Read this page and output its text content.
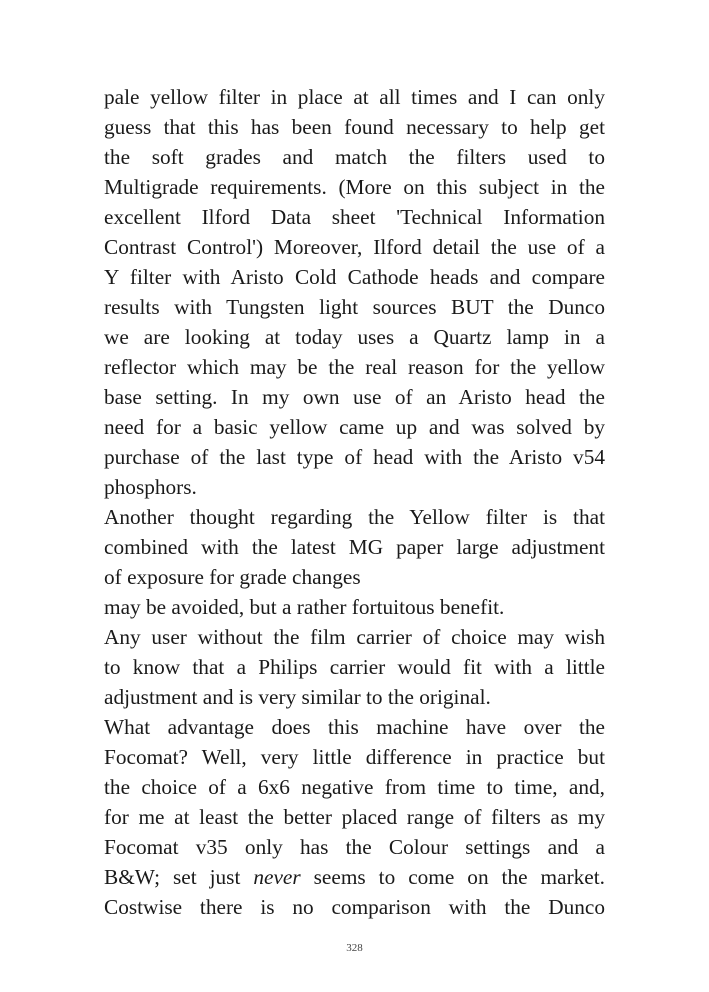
pale yellow filter in place at all times and I can only
guess that this has been found necessary to help get
the soft grades and match the filters used to
Multigrade requirements. (More on this subject in the
excellent Ilford Data sheet 'Technical Information
Contrast Control') Moreover, Ilford detail the use of a
Y filter with Aristo Cold Cathode heads and compare
results with Tungsten light sources BUT the Dunco
we are looking at today uses a Quartz lamp in a
reflector which may be the real reason for the yellow
base setting. In my own use of an Aristo head the
need for a basic yellow came up and was solved by
purchase of the last type of head with the Aristo v54
phosphors.
Another thought regarding the Yellow filter is that
combined with the latest MG paper large adjustment
of exposure for grade changes
may be avoided, but a rather fortuitous benefit.
Any user without the film carrier of choice may wish
to know that a Philips carrier would fit with a little
adjustment and is very similar to the original.
What advantage does this machine have over the
Focomat? Well, very little difference in practice but
the choice of a 6x6 negative from time to time, and,
for me at least the better placed range of filters as my
Focomat v35 only has the Colour settings and a
B&W; set just never seems to come on the market.
Costwise there is no comparison with the Dunco
328
